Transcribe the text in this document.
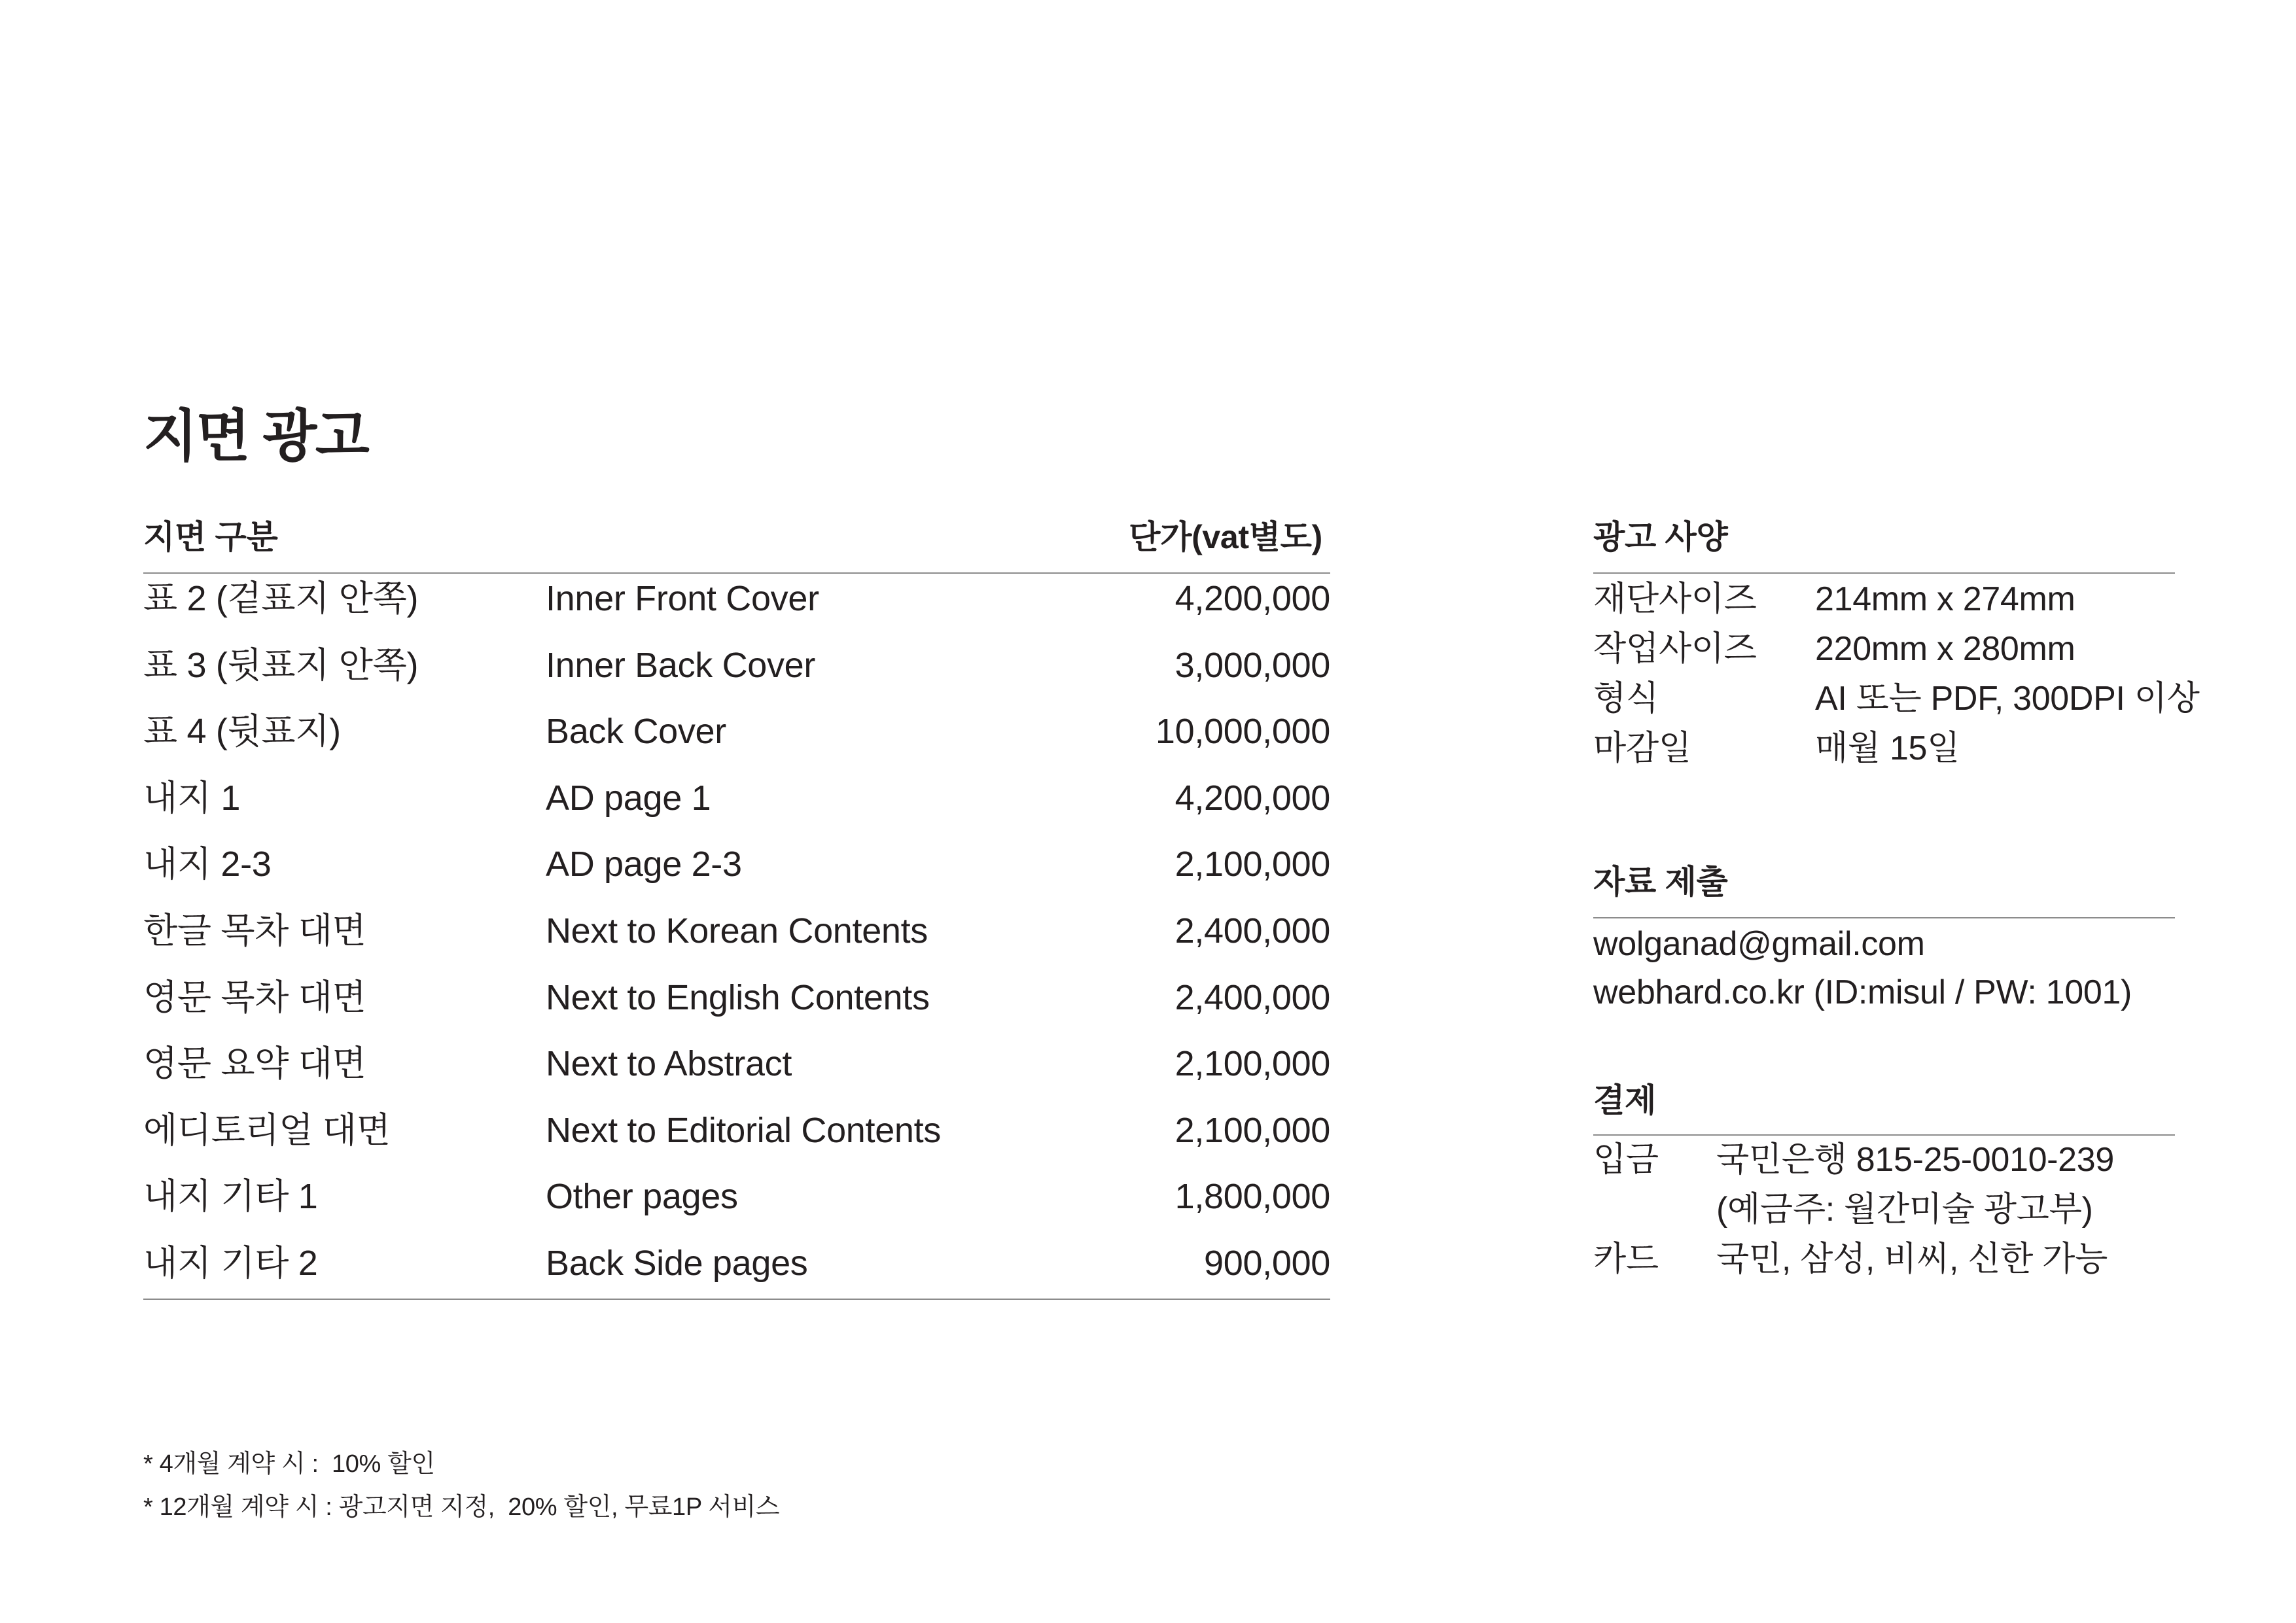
지면 광고
지면 구분	단가(vat별도)
표 2 (겉표지 안쪽)	Inner Front Cover	4,200,000
표 3 (뒷표지 안쪽)	Inner Back Cover	3,000,000
표 4 (뒷표지)	Back Cover	10,000,000
내지 1	AD page 1	4,200,000
내지 2-3	AD page 2-3	2,100,000
한글 목차 대면	Next to Korean Contents	2,400,000
영문 목차 대면	Next to English Contents	2,400,000
영문 요약 대면	Next to Abstract	2,100,000
에디토리얼 대면	Next to Editorial Contents	2,100,000
내지 기타 1	Other pages	1,800,000
내지 기타 2	Back Side pages	900,000
광고 사양
재단사이즈 214mm x 274mm
작업사이즈 220mm x 280mm
형식	AI 또는 PDF, 300DPI 이상
마감일	매월 15일
자료 제출
wolganad@gmail.com
webhard.co.kr (ID:misul / PW: 1001)
결제
입금 국민은행 815-25-0010-239
(예금주: 월간미술 광고부)
카드 국민, 삼성, 비씨, 신한 가능
* 4개월 계약 시 :  10% 할인
* 12개월 계약 시 : 광고지면 지정,  20% 할인, 무료1P 서비스
